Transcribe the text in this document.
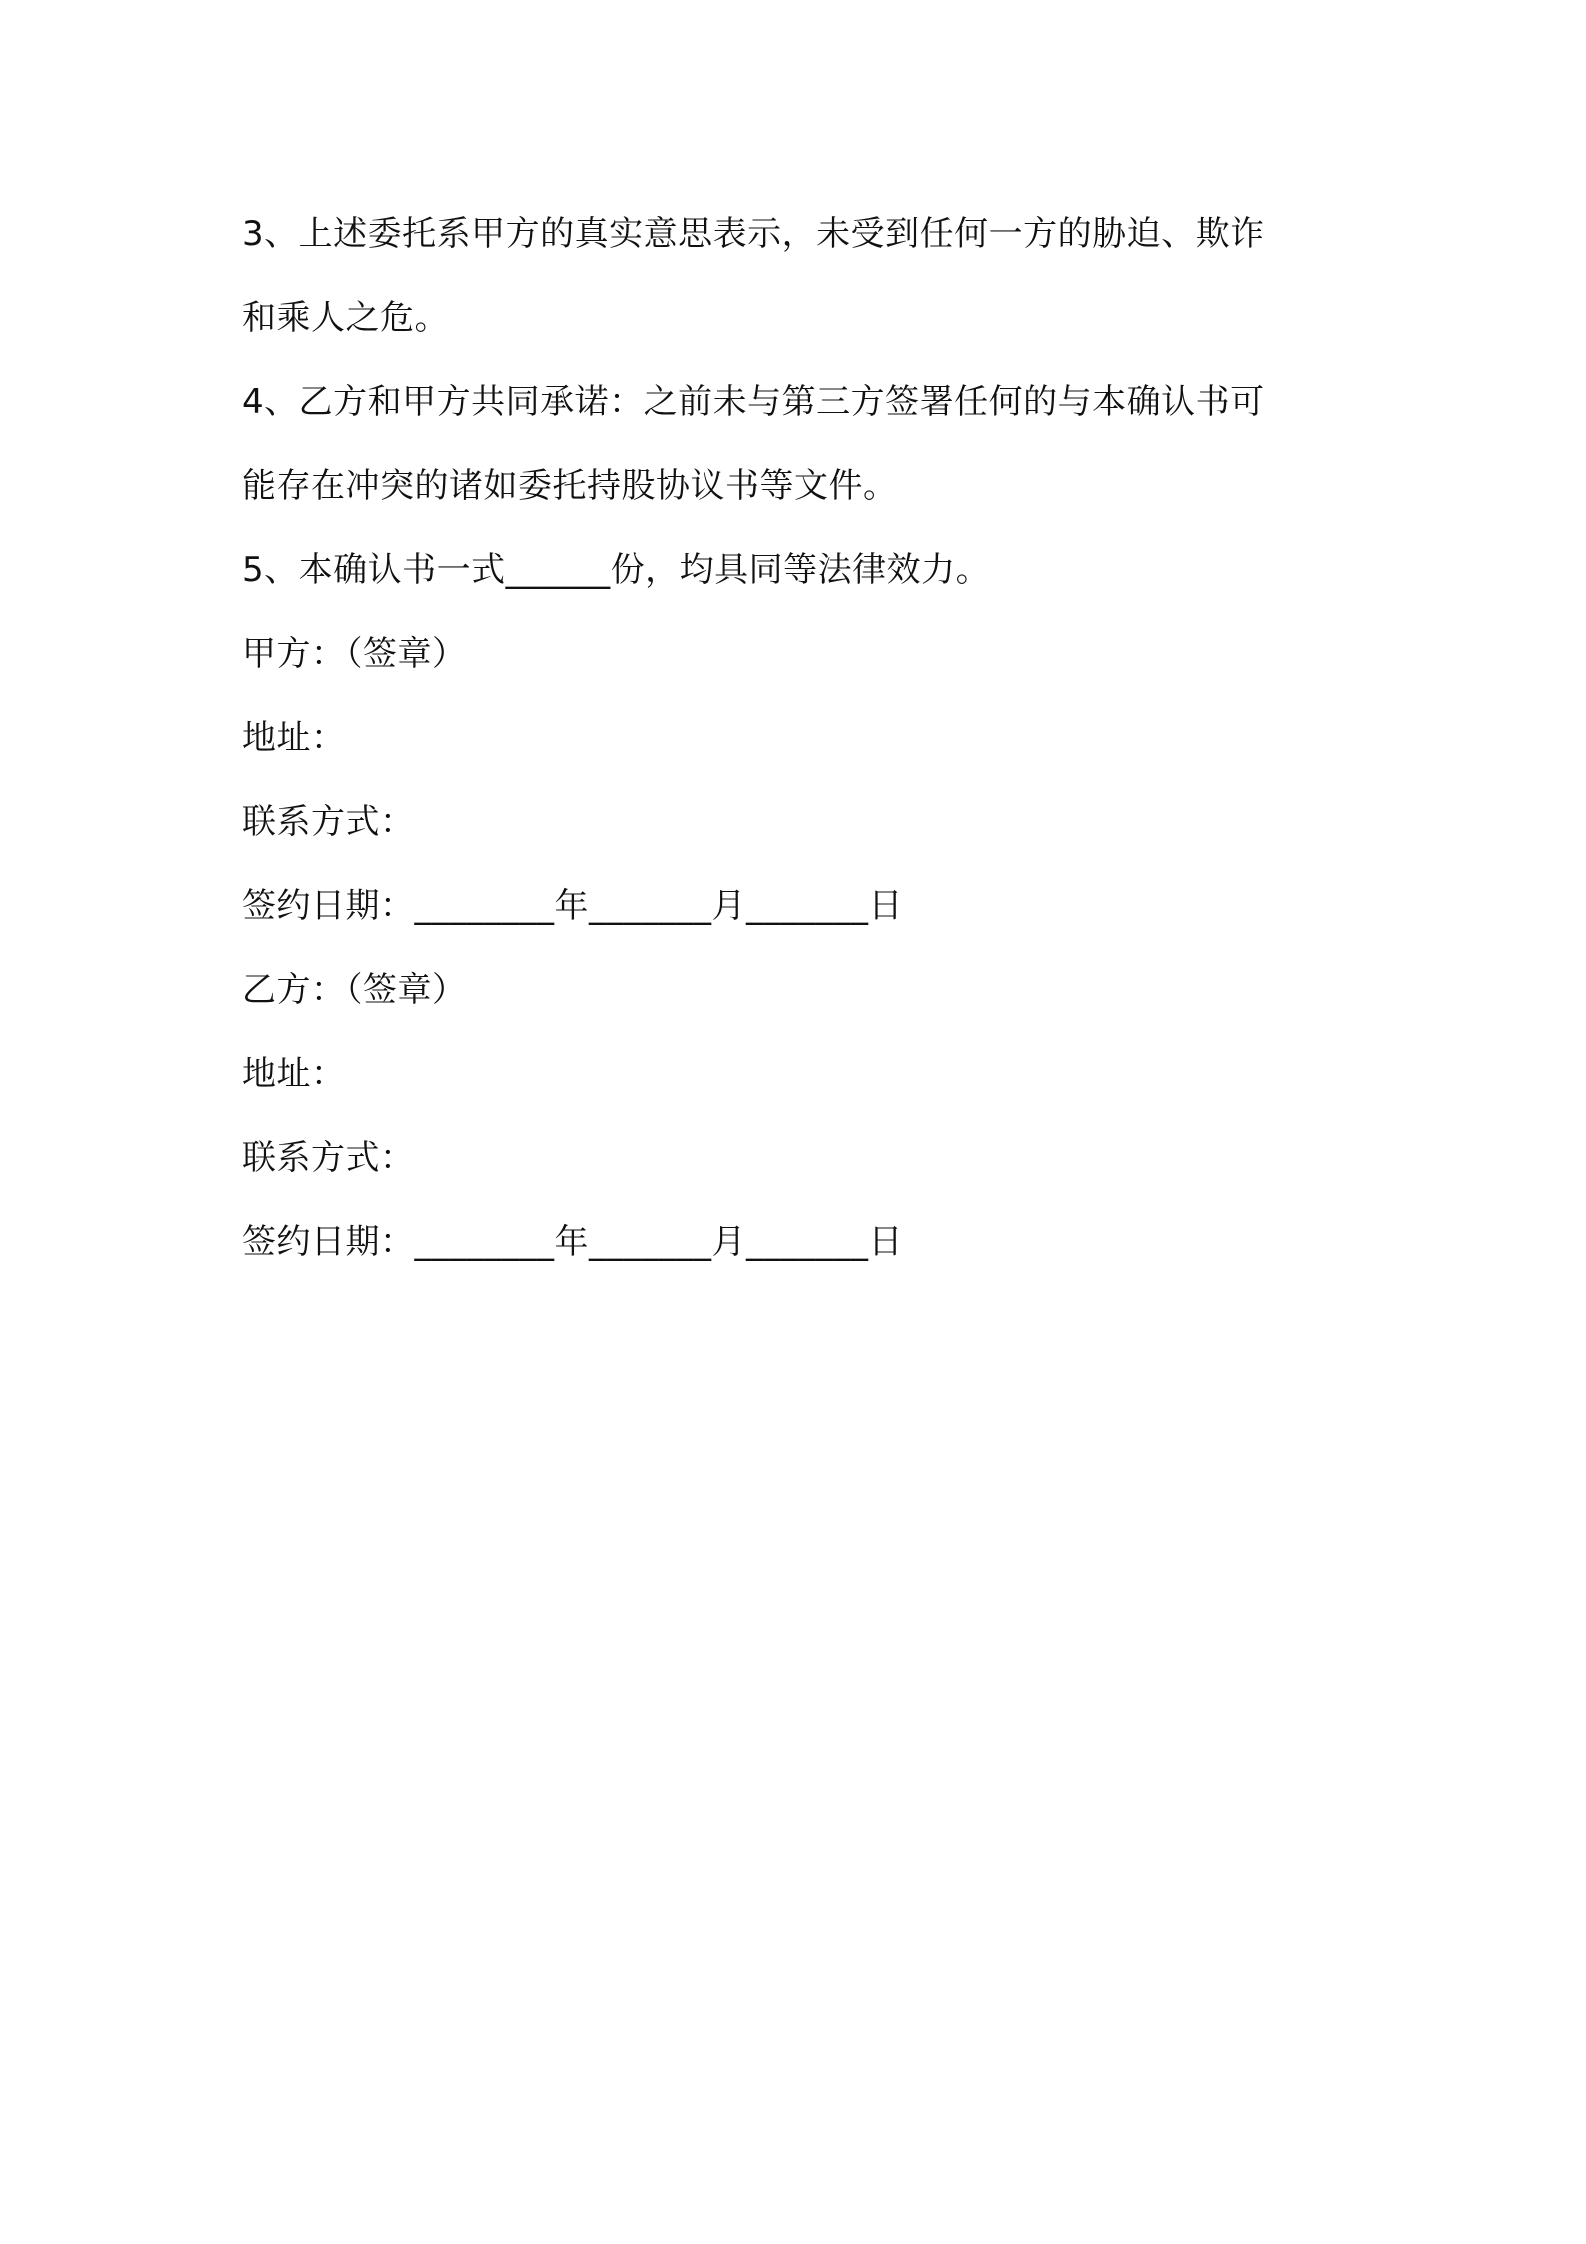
3、上述委托系甲方的真实意思表示，未受到任何一方的胁迫、欺诈
和乘人之危。
4、乙方和甲方共同承诺：之前未与第三方签署任何的与本确认书可
能存在冲突的诸如委托持股协议书等文件。
5、本确认书一式______份，均具同等法律效力。
甲方：（签章）
地址：
联系方式：
签约日期：________年_______月_______日
乙方：（签章）
地址：
联系方式：
签约日期：________年_______月_______日
